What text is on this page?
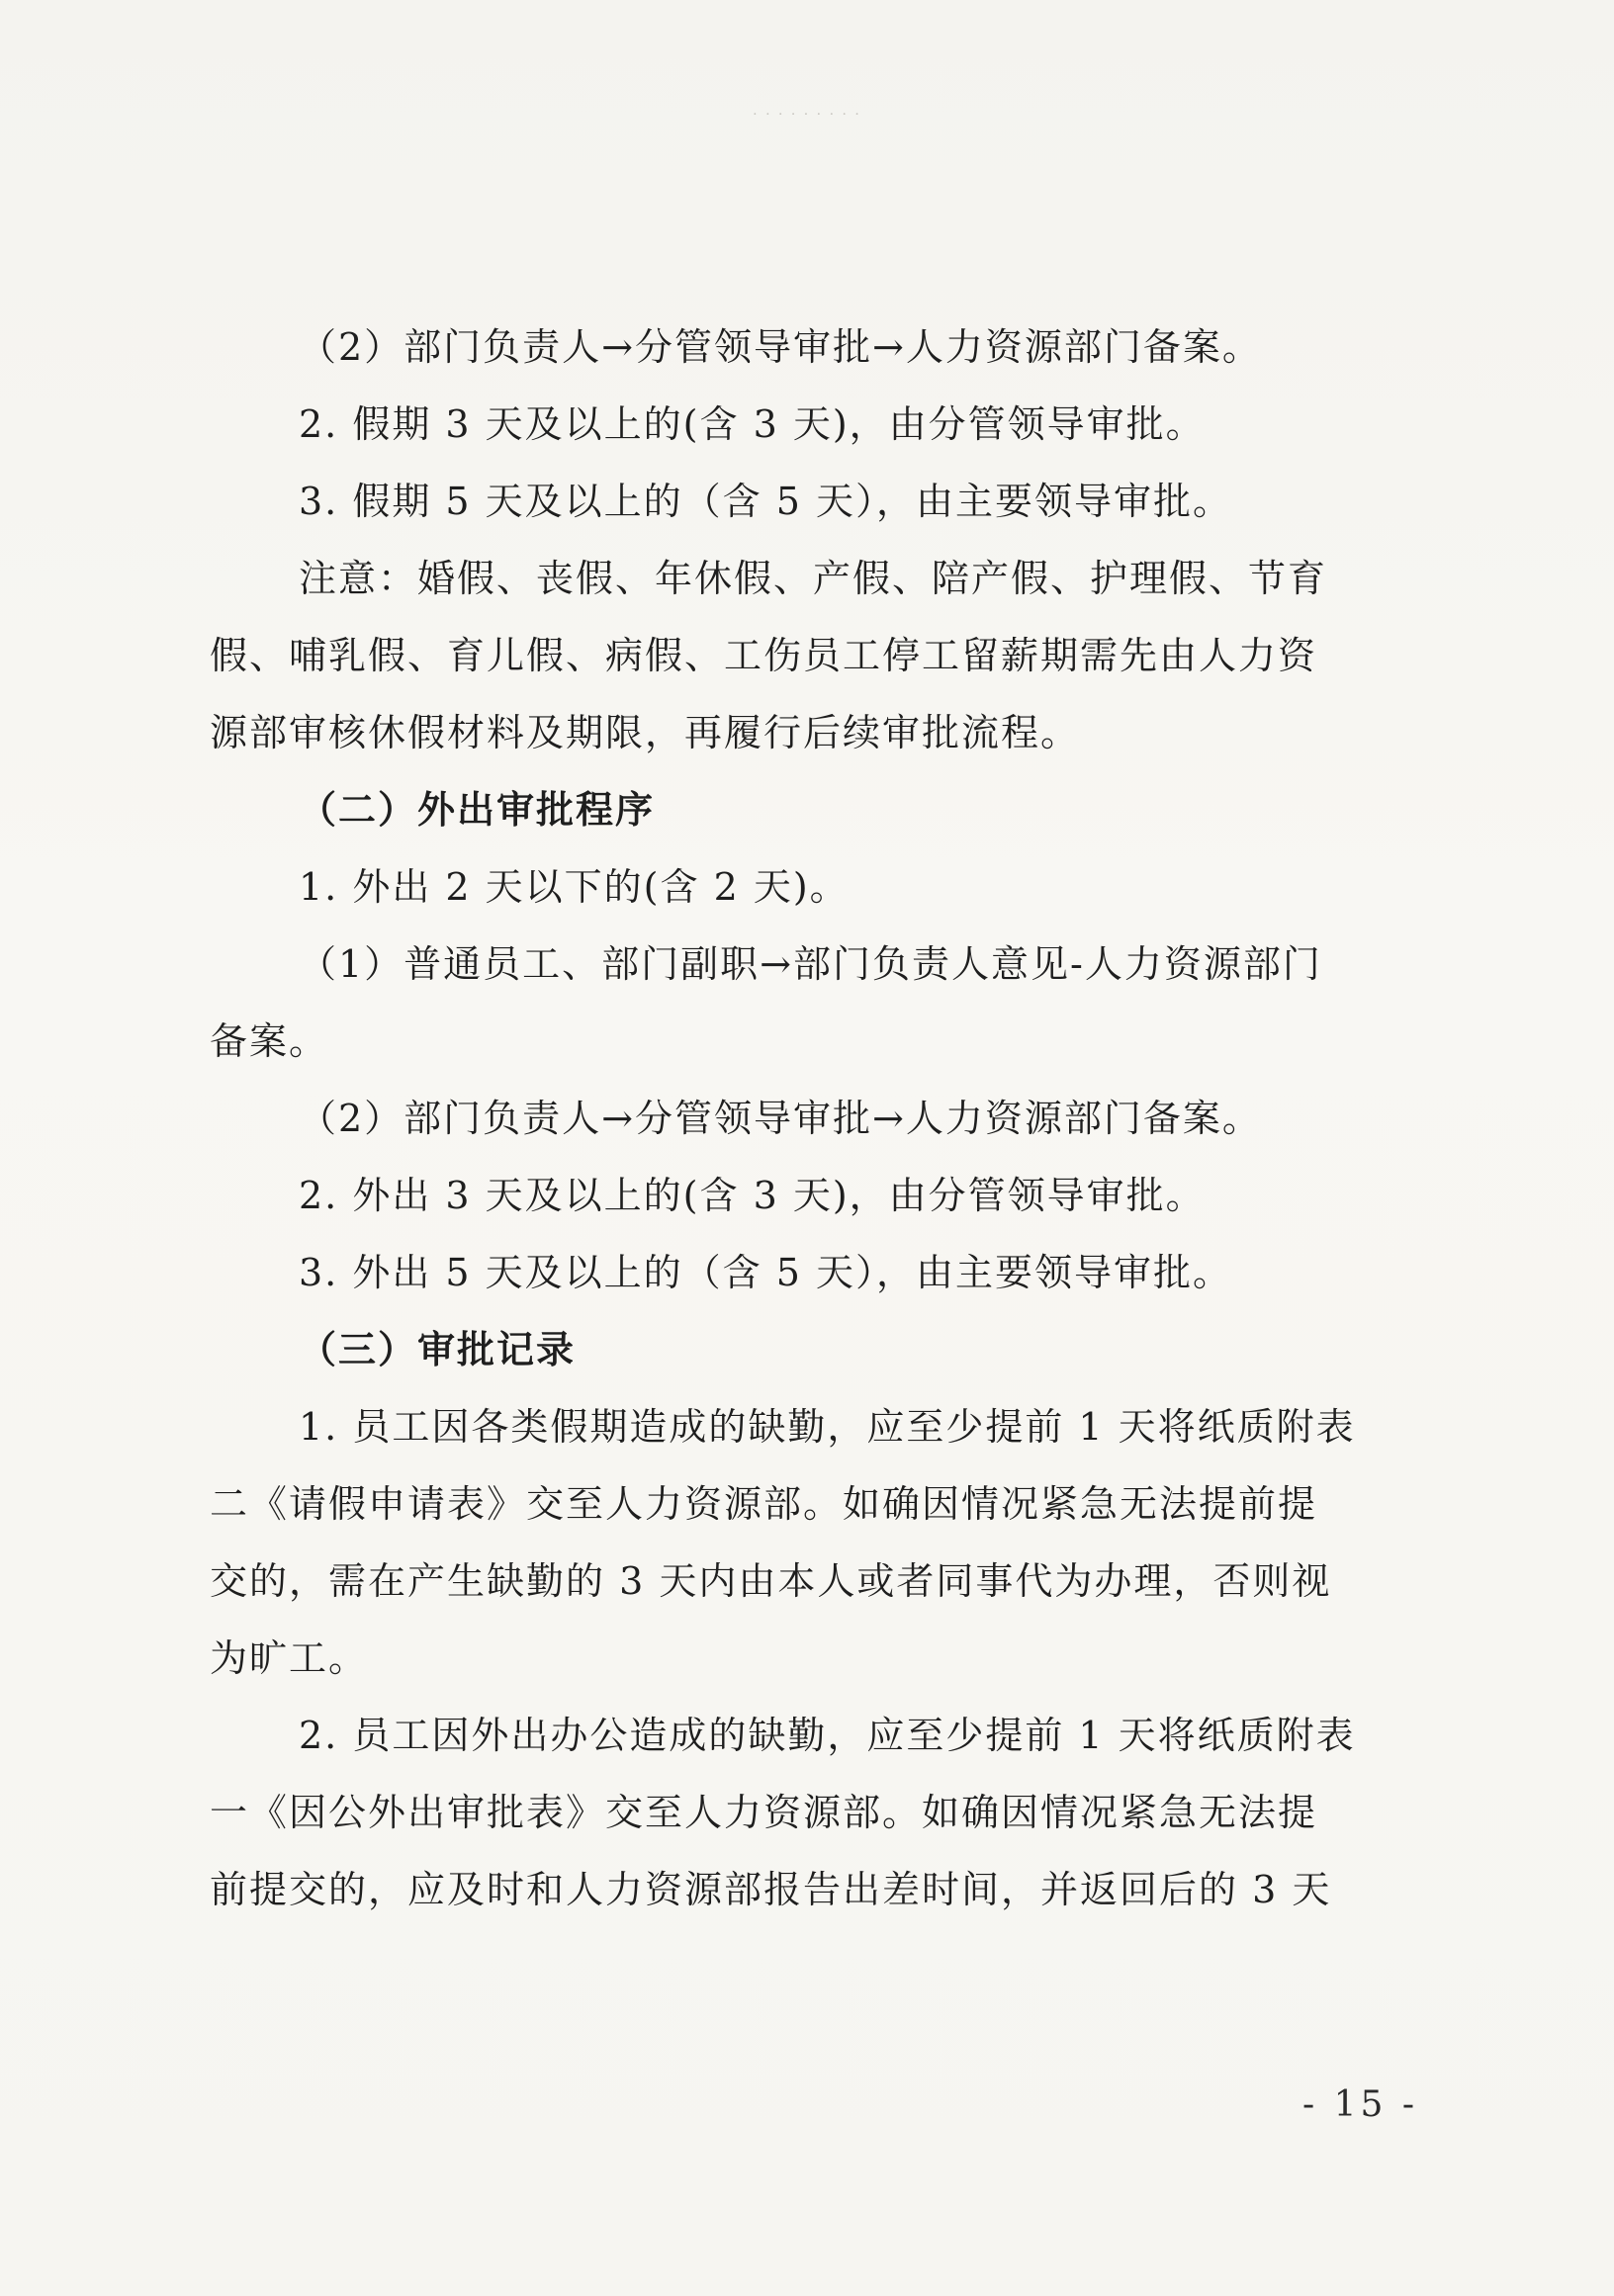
· · · · · · · · ·
（2）部门负责人→分管领导审批→人力资源部门备案。
2. 假期 3 天及以上的(含 3 天)，由分管领导审批。
3. 假期 5 天及以上的（含 5 天），由主要领导审批。
注意：婚假、丧假、年休假、产假、陪产假、护理假、节育
假、哺乳假、育儿假、病假、工伤员工停工留薪期需先由人力资
源部审核休假材料及期限，再履行后续审批流程。
（二）外出审批程序
1. 外出 2 天以下的(含 2 天)。
（1）普通员工、部门副职→部门负责人意见-人力资源部门
备案。
（2）部门负责人→分管领导审批→人力资源部门备案。
2. 外出 3 天及以上的(含 3 天)，由分管领导审批。
3. 外出 5 天及以上的（含 5 天），由主要领导审批。
（三）审批记录
1. 员工因各类假期造成的缺勤，应至少提前 1 天将纸质附表
二《请假申请表》交至人力资源部。如确因情况紧急无法提前提
交的，需在产生缺勤的 3 天内由本人或者同事代为办理，否则视
为旷工。
2. 员工因外出办公造成的缺勤，应至少提前 1 天将纸质附表
一《因公外出审批表》交至人力资源部。如确因情况紧急无法提
前提交的，应及时和人力资源部报告出差时间，并返回后的 3 天
- 15 -
